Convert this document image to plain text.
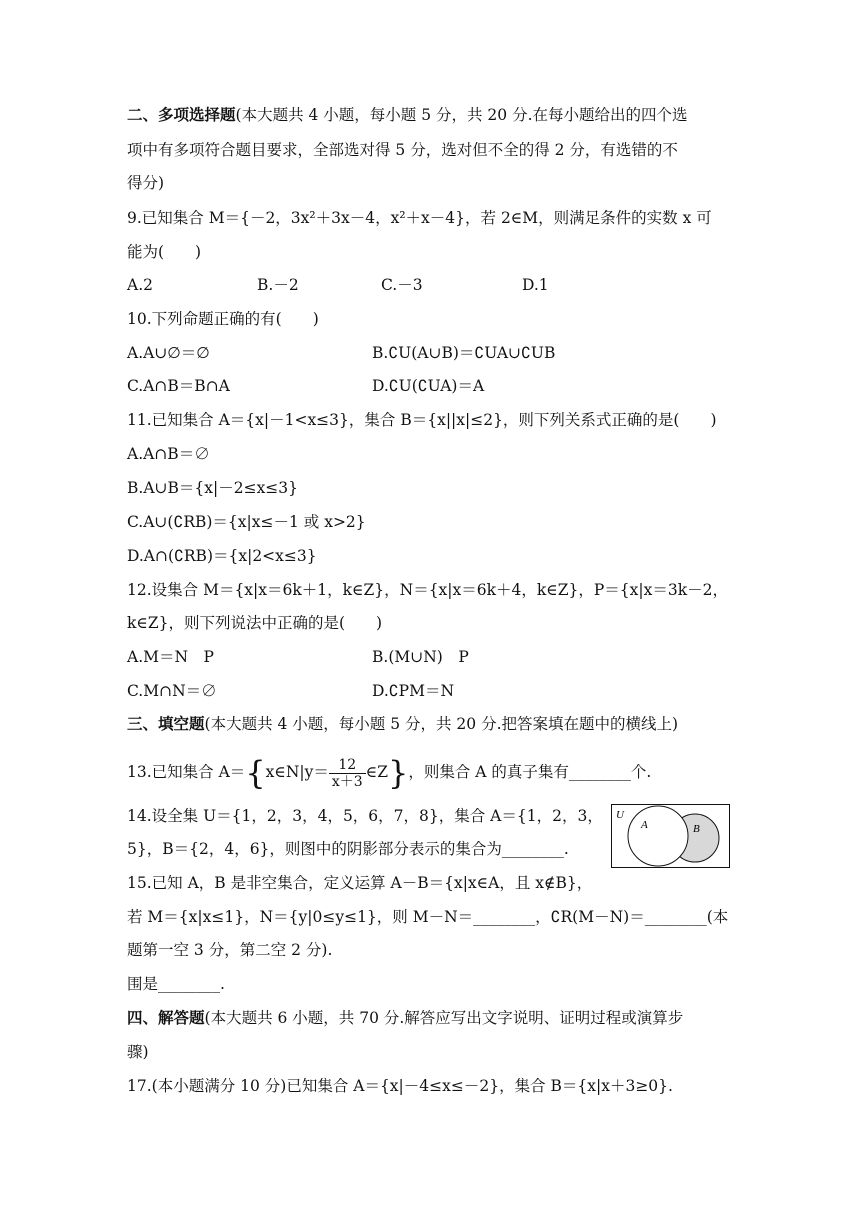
二、多项选择题(本大题共 4 小题，每小题 5 分，共 20 分.在每小题给出的四个选
项中有多项符合题目要求，全部选对得 5 分，选对但不全的得 2 分，有选错的不
得分)
9.已知集合 M＝{－2，3x²＋3x－4，x²＋x－4}，若 2∈M，则满足条件的实数 x 可
能为(　　)
A.2	B.－2	C.－3	D.1
10.下列命题正确的有(　　)
A.A∪∅＝∅	B.∁U(A∪B)＝∁UA∪∁UB
C.A∩B＝B∩A	D.∁U(∁UA)＝A
11.已知集合 A＝{x|－1<x≤3}，集合 B＝{x||x|≤2}，则下列关系式正确的是(　　)
A.A∩B＝∅
B.A∪B＝{x|－2≤x≤3}
C.A∪(∁RB)＝{x|x≤－1 或 x>2}
D.A∩(∁RB)＝{x|2<x≤3}
12.设集合 M＝{x|x＝6k＋1，k∈Z}，N＝{x|x＝6k＋4，k∈Z}，P＝{x|x＝3k－2，
k∈Z}，则下列说法中正确的是(　　)
A.M＝N　P	B.(M∪N)　P
C.M∩N＝∅	D.∁PM＝N
三、填空题(本大题共 4 小题，每小题 5 分，共 20 分.把答案填在题中的横线上)
13.已知集合 A＝{x∈N|y＝ $\frac{12}{x+3}$ ∈Z}，则集合 A 的真子集有________个.
14.设全集 U＝{1，2，3，4，5，6，7，8}，集合 A＝{1，2，3，
5}，B＝{2，4，6}，则图中的阴影部分表示的集合为________.
U
A	B
15.已知 A，B 是非空集合，定义运算 A－B＝{x|x∈A，且 x∉B}，
若 M＝{x|x≤1}，N＝{y|0≤y≤1}，则 M－N＝________，∁R(M－N)＝________(本
题第一空 3 分，第二空 2 分).
围是________.
四、解答题(本大题共 6 小题，共 70 分.解答应写出文字说明、证明过程或演算步
骤)
17.(本小题满分 10 分)已知集合 A＝{x|－4≤x≤－2}，集合 B＝{x|x＋3≥0}.
